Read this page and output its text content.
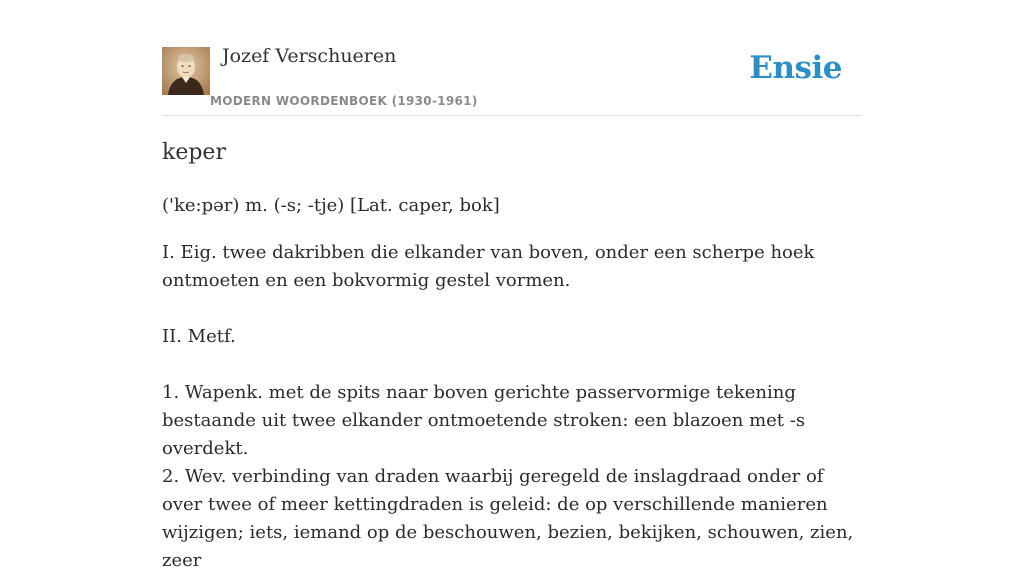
Jozef Verschueren
MODERN WOORDENBOEK (1930-1961)
Ensie
keper
('ke:pər) m. (-s; -tje) [Lat. caper, bok]

I. Eig. twee dakribben die elkander van boven, onder een scherpe hoek ontmoeten en een bokvormig gestel vormen.

II. Metf.

1. Wapenk. met de spits naar boven gerichte passervormige tekening bestaande uit twee elkander ontmoetende stroken: een blazoen met -s overdekt.

2. Wev. verbinding van draden waarbij geregeld de inslagdraad onder of over twee of meer kettingdraden is geleid: de op verschillende manieren wijzigen; iets, iemand op de beschouwen, bezien, bekijken, schouwen, zien, zeer
